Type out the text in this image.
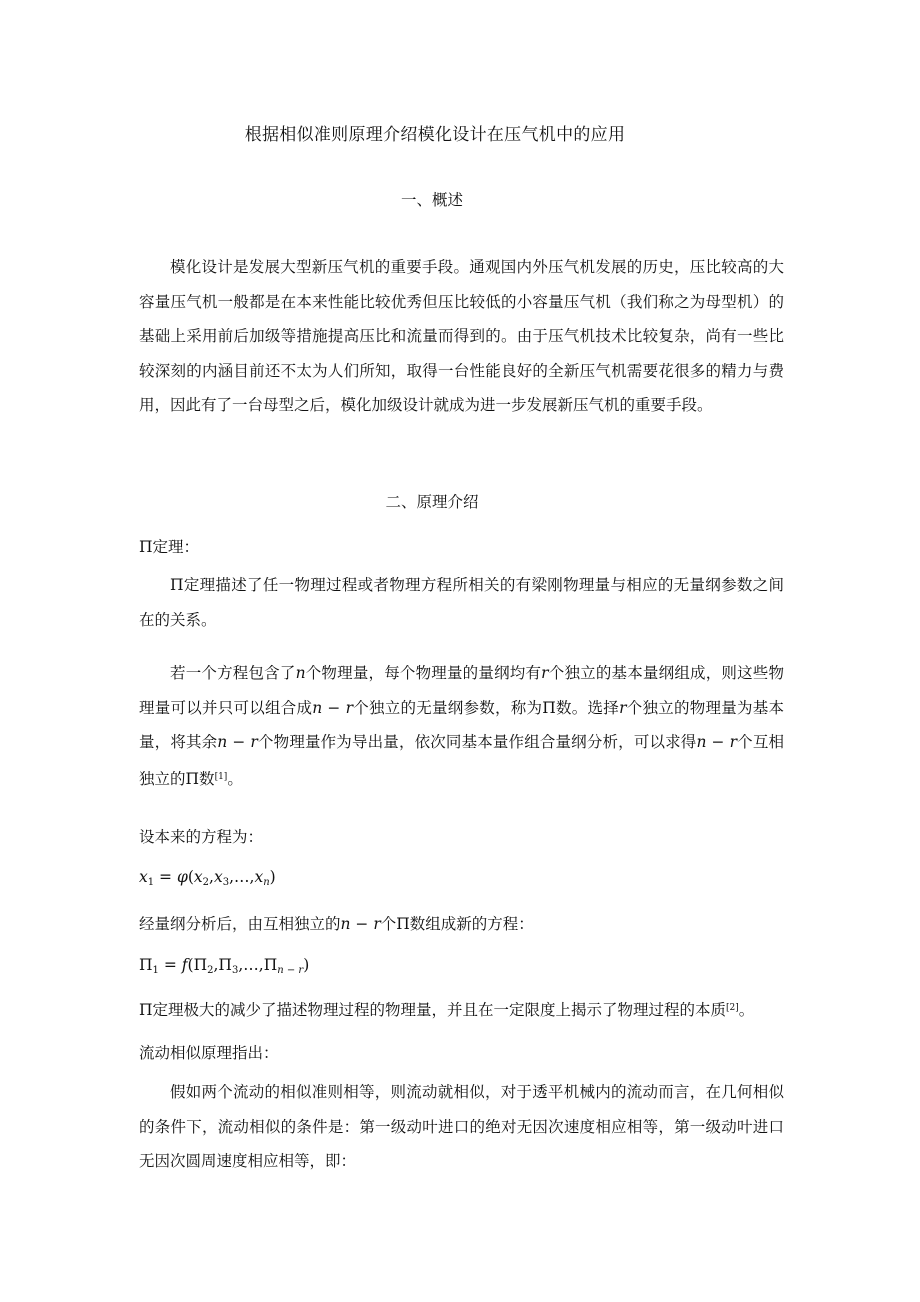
根据相似准则原理介绍模化设计在压气机中的应用
一、概述
模化设计是发展大型新压气机的重要手段。通观国内外压气机发展的历史，压比较高的大容量压气机一般都是在本来性能比较优秀但压比较低的小容量压气机（我们称之为母型机）的基础上采用前后加级等措施提高压比和流量而得到的。由于压气机技术比较复杂，尚有一些比较深刻的内涵目前还不太为人们所知，取得一台性能良好的全新压气机需要花很多的精力与费用，因此有了一台母型之后，模化加级设计就成为进一步发展新压气机的重要手段。
二、原理介绍
Π定理：
Π定理描述了任一物理过程或者物理方程所相关的有梁刚物理量与相应的无量纲参数之间在的关系。
若一个方程包含了n个物理量，每个物理量的量纲均有r个独立的基本量纲组成，则这些物理量可以并只可以组合成n − r个独立的无量纲参数，称为Π数。选择r个独立的物理量为基本量，将其余n − r个物理量作为导出量，依次同基本量作组合量纲分析，可以求得n − r个互相独立的Π数[1]。
设本来的方程为：
$x_1$ = $\varphi(x_2,x_3,\dots,x_n)$
经量纲分析后，由互相独立的n − r个Π数组成新的方程：
$\Pi_1$ = $f(\Pi_2,\Pi_3,\dots,\Pi_{n - r})$
Π定理极大的减少了描述物理过程的物理量，并且在一定限度上揭示了物理过程的本质[2]。
流动相似原理指出：
假如两个流动的相似准则相等，则流动就相似，对于透平机械内的流动而言，在几何相似的条件下，流动相似的条件是：第一级动叶进口的绝对无因次速度相应相等，第一级动叶进口无因次圆周速度相应相等，即：
